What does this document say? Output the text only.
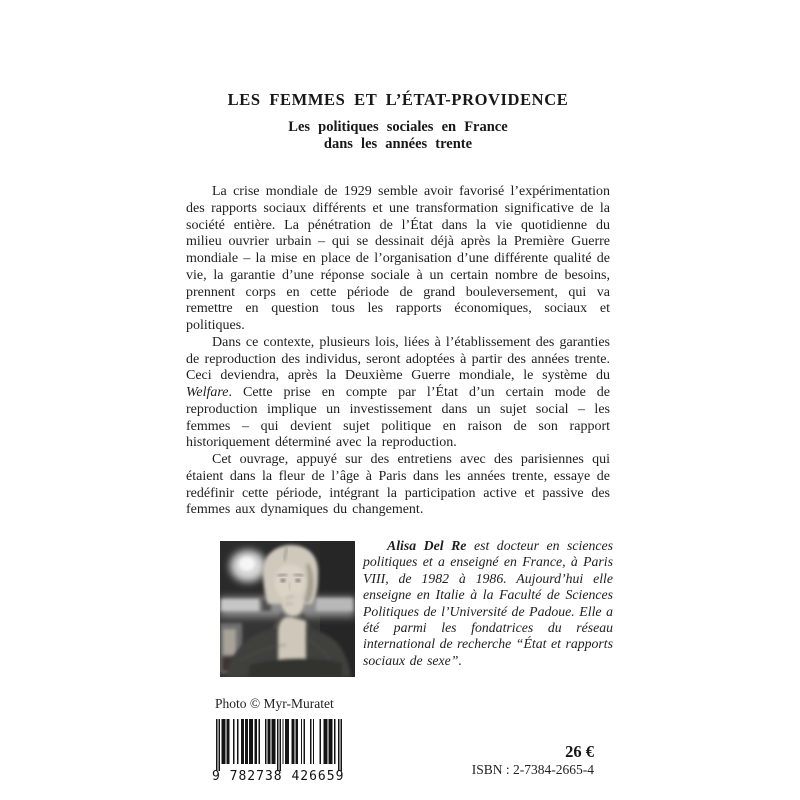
LES FEMMES ET L’ÉTAT-PROVIDENCE
Les politiques sociales en France
dans les années trente

La crise mondiale de 1929 semble avoir favorisé l’expérimentation des rapports sociaux différents et une transformation significative de la société entière. La pénétration de l’État dans la vie quotidienne du milieu ouvrier urbain – qui se dessinait déjà après la Première Guerre mondiale – la mise en place de l’organisation d’une différente qualité de vie, la garantie d’une réponse sociale à un certain nombre de besoins, prennent corps en cette période de grand bouleversement, qui va remettre en question tous les rapports économiques, sociaux et politiques.

Dans ce contexte, plusieurs lois, liées à l’établissement des garanties de reproduction des individus, seront adoptées à partir des années trente. Ceci deviendra, après la Deuxième Guerre mondiale, le système du Welfare. Cette prise en compte par l’État d’un certain mode de reproduction implique un investissement dans un sujet social – les femmes – qui devient sujet politique en raison de son rapport historiquement déterminé avec la reproduction.

Cet ouvrage, appuyé sur des entretiens avec des parisiennes qui étaient dans la fleur de l’âge à Paris dans les années trente, essaye de redéfinir cette période, intégrant la participation active et passive des femmes aux dynamiques du changement.

Alisa Del Re est docteur en sciences politiques et a enseigné en France, à Paris VIII, de 1982 à 1986. Aujourd’hui elle enseigne en Italie à la Faculté de Sciences Politiques de l’Université de Padoue. Elle a été parmi les fondatrices du réseau international de recherche “État et rapports sociaux de sexe”.
Photo © Myr-Muratet
9 782738 426659
26 €
ISBN : 2-7384-2665-4
